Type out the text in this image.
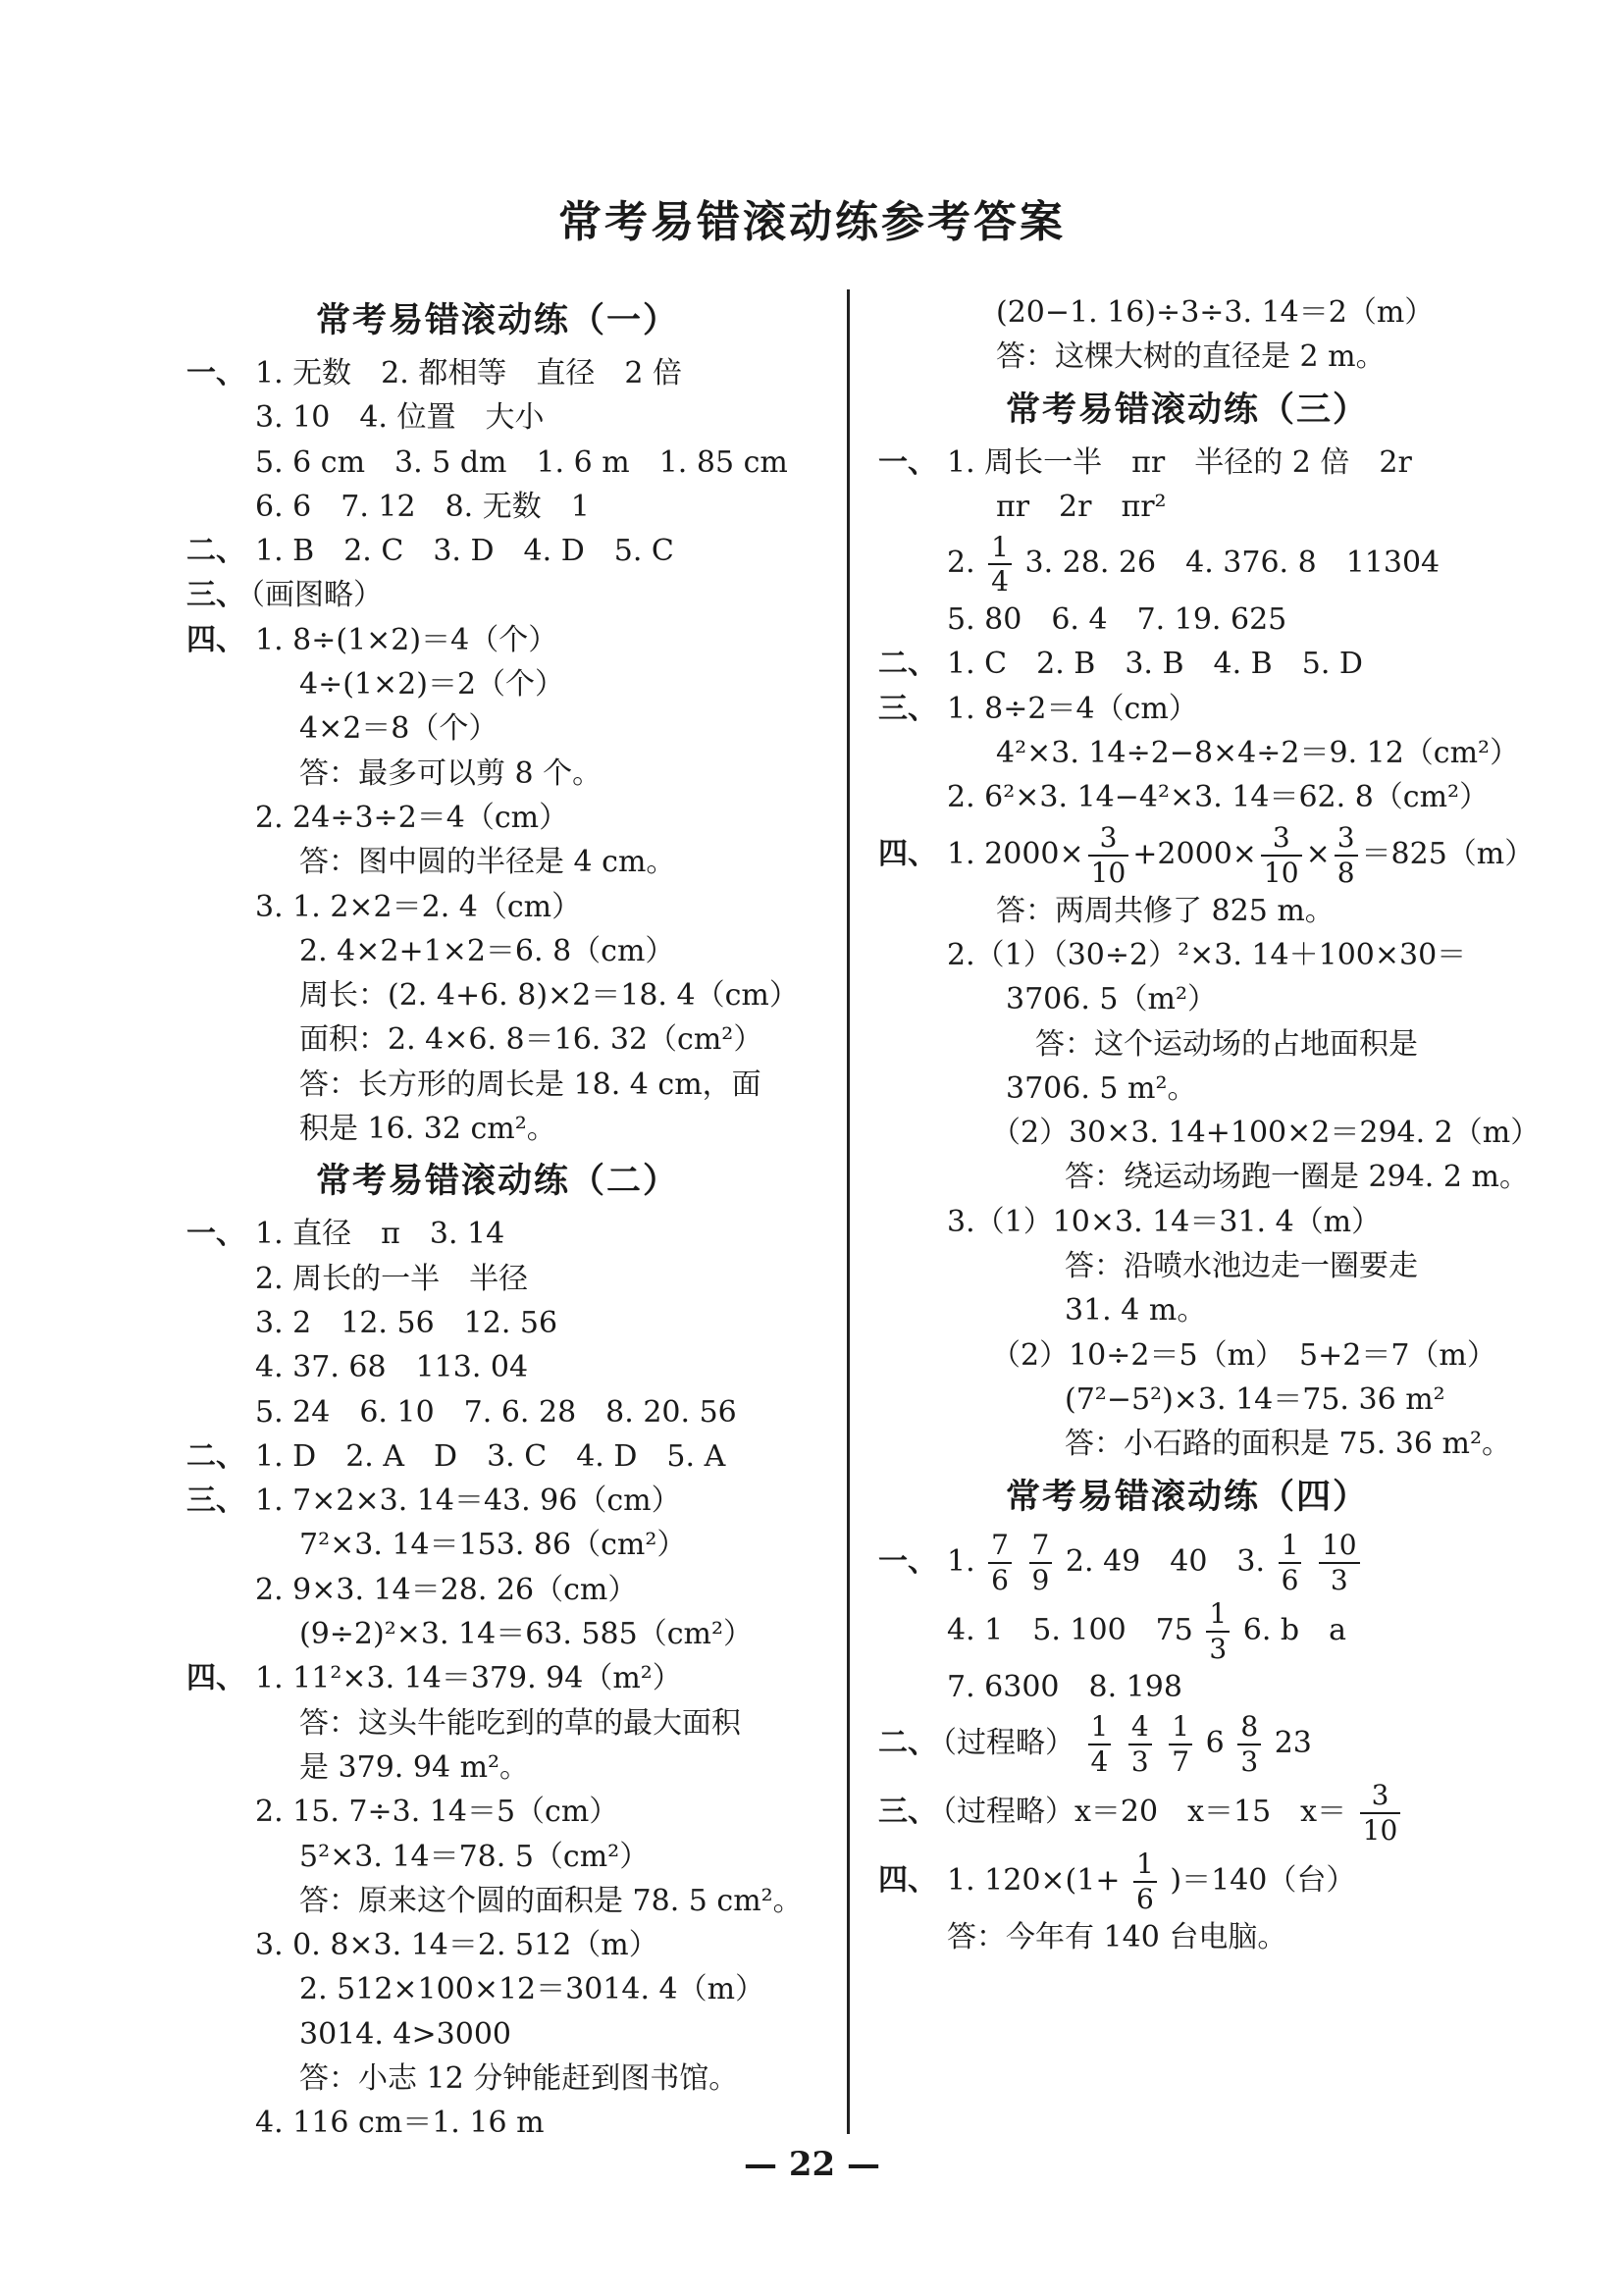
常考易错滚动练参考答案
常考易错滚动练（一）
一、 1. 无数　2. 都相等　直径　2 倍
3. 10　4. 位置　大小
5. 6 cm　3. 5 dm　1. 6 m　1. 85 cm
6. 6　7. 12　8. 无数　1
二、 1. B　2. C　3. D　4. D　5. C
三、
（画图略）
四、 1. 8÷(1×2)＝4（个）
4÷(1×2)＝2（个）
4×2＝8（个）
答：最多可以剪 8 个。
2. 24÷3÷2＝4（cm）
答：图中圆的半径是 4 cm。
3. 1. 2×2＝2. 4（cm）
2. 4×2+1×2＝6. 8（cm）
周长：(2. 4+6. 8)×2＝18. 4（cm）
面积：2. 4×6. 8＝16. 32（cm²）
答：长方形的周长是 18. 4 cm，面
积是 16. 32 cm²。
常考易错滚动练（二）
一、 1. 直径　π　3. 14
2. 周长的一半　半径
3. 2　12. 56　12. 56
4. 37. 68　113. 04
5. 24　6. 10　7. 6. 28　8. 20. 56
二、 1. D　2. A　D　3. C　4. D　5. A
三、 1. 7×2×3. 14＝43. 96（cm）
7²×3. 14＝153. 86（cm²）
2. 9×3. 14＝28. 26（cm）
(9÷2)²×3. 14＝63. 585（cm²）
四、 1. 11²×3. 14＝379. 94（m²）
答：这头牛能吃到的草的最大面积
是 379. 94 m²。
2. 15. 7÷3. 14＝5（cm）
5²×3. 14＝78. 5（cm²）
答：原来这个圆的面积是 78. 5 cm²。
3. 0. 8×3. 14＝2. 512（m）
2. 512×100×12＝3014. 4（m）
3014. 4>3000
答：小志 12 分钟能赶到图书馆。
4. 116 cm＝1. 16 m
(20−1. 16)÷3÷3. 14＝2（m）
答：这棵大树的直径是 2 m。
常考易错滚动练（三）
一、 1. 周长一半　πr　半径的 2 倍　2r
πr　2r　πr²
2. $\frac{1}{4} 3$. 28. 26　4. 376. 8　11304
5. 80　6. 4　7. 19. 625
二、 1. C　2. B　3. B　4. B　5. D
三、 1. 8÷2＝4（cm）
4²×3. 14÷2−8×4÷2＝9. 12（cm²）
2. 6²×3. 14−4²×3. 14＝62. 8（cm²）
四、 1. $2000\times \frac{3}{10} +2000\times \frac{3}{10} \times \frac{3}{8} =825(m)$
答：两周共修了 825 m。
2.（1）（30÷2）²×3. 14＋100×30＝
3706. 5（m²）
答：这个运动场的占地面积是
3706. 5 m²。
（2）30×3. 14+100×2＝294. 2（m）
答：绕运动场跑一圈是 294. 2 m。
3.（1）10×3. 14＝31. 4（m）
答：沿喷水池边走一圈要走
31. 4 m。
（2）10÷2＝5（m）　5+2＝7（m）
(7²−5²)×3. 14＝75. 36 m²
答：小石路的面积是 75. 36 m²。
常考易错滚动练（四）
一、 1. $\frac{7}{6}$
$\frac{7}{9} 2$. 49　40　3. $\frac{1}{6}$
$\frac{10}{3}$
4. 1　5. 100　$75 \frac{1}{3} 6$. b　a
7. 6300　8. 198
二、
（过程略） $\frac{1}{4}$
$\frac{4}{3}$
$\frac{1}{7} 6 \frac{8}{3} 23$
三、
（过程略）x＝20　x＝15　$x= \frac{3}{10}$
四、 1. $120\times(1+ \frac{1}{6} )=140$（台）
答：今年有 140 台电脑。
— 22 —
